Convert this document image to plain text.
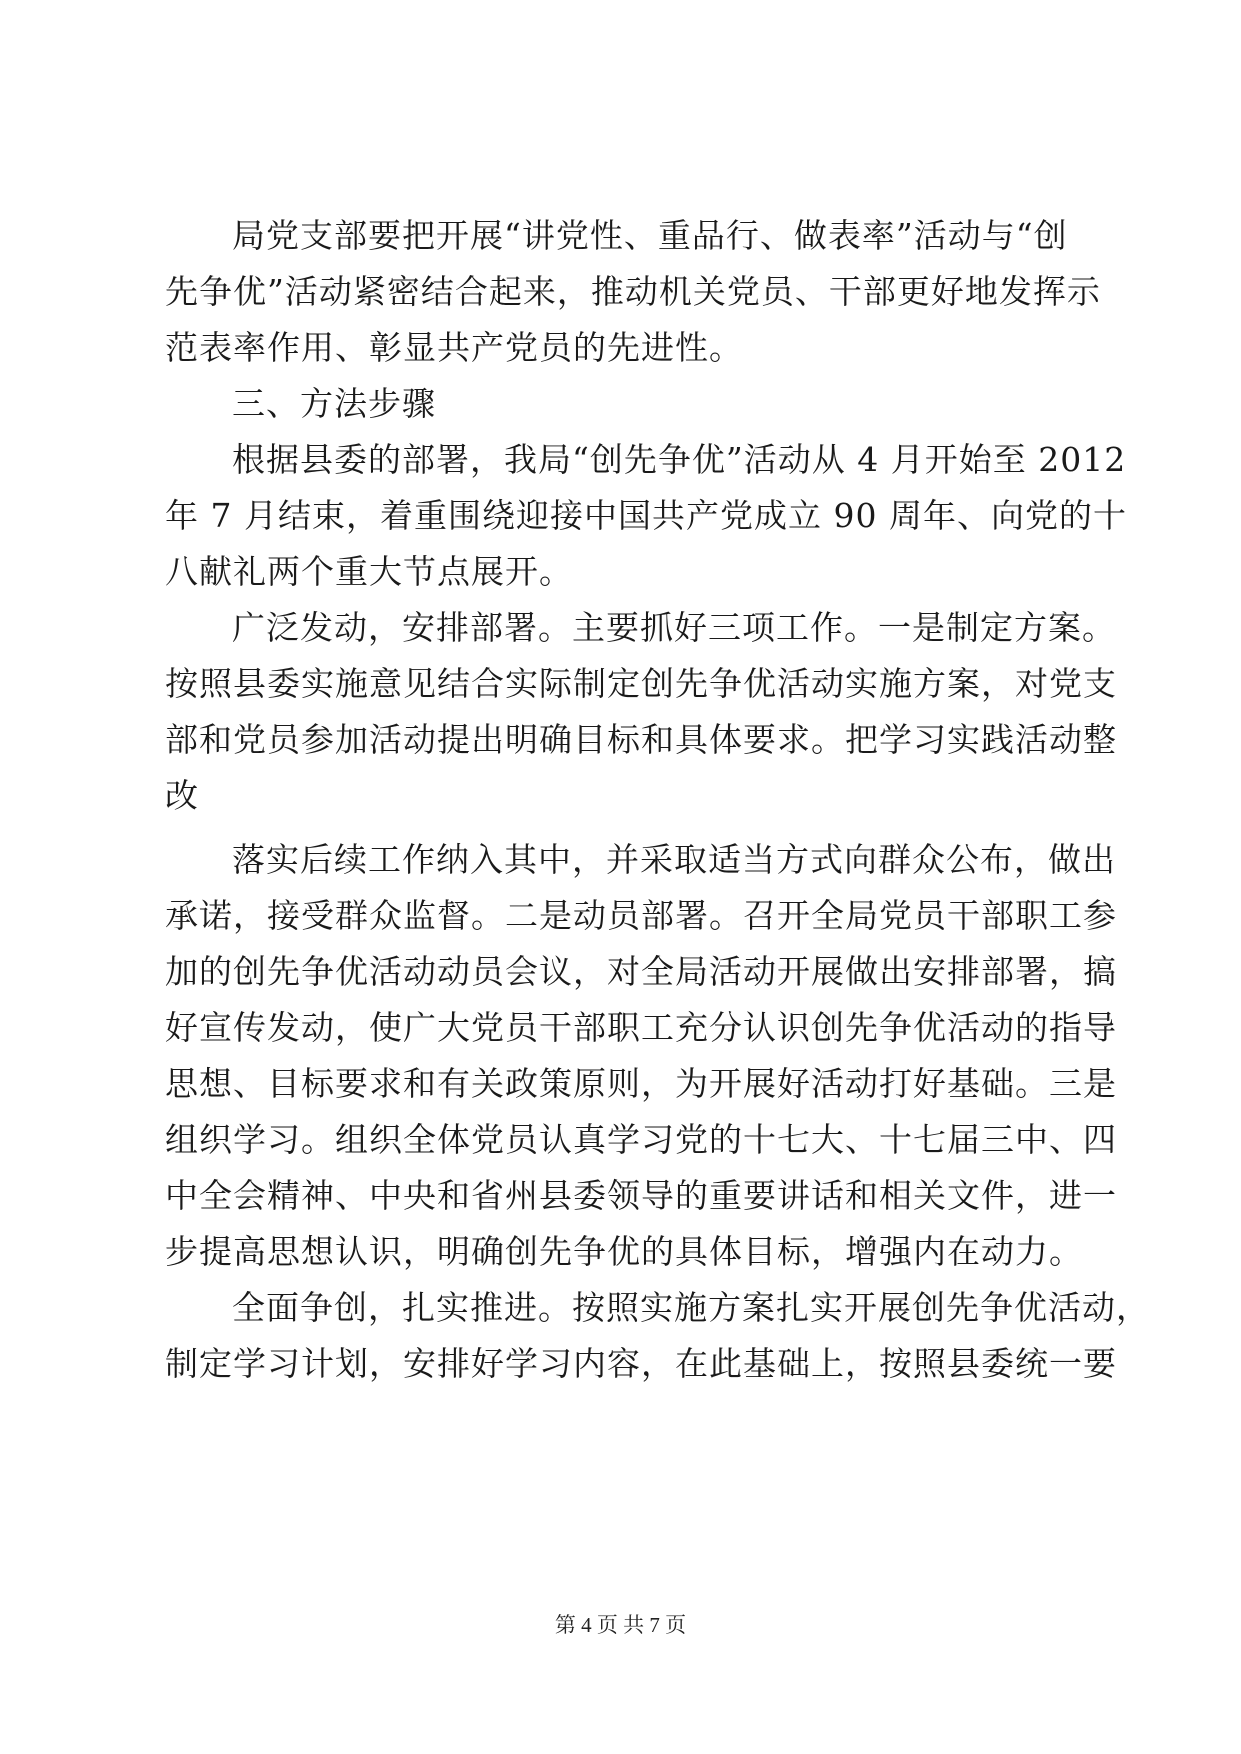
局党支部要把开展“讲党性、重品行、做表率”活动与“创
先争优”活动紧密结合起来，推动机关党员、干部更好地发挥示
范表率作用、彰显共产党员的先进性。
三、方法步骤
根据县委的部署，我局“创先争优”活动从 4 月开始至 2012
年 7 月结束，着重围绕迎接中国共产党成立 90 周年、向党的十
八献礼两个重大节点展开。
广泛发动，安排部署。主要抓好三项工作。一是制定方案。
按照县委实施意见结合实际制定创先争优活动实施方案，对党支
部和党员参加活动提出明确目标和具体要求。把学习实践活动整
改
落实后续工作纳入其中，并采取适当方式向群众公布，做出
承诺，接受群众监督。二是动员部署。召开全局党员干部职工参
加的创先争优活动动员会议，对全局活动开展做出安排部署，搞
好宣传发动，使广大党员干部职工充分认识创先争优活动的指导
思想、目标要求和有关政策原则，为开展好活动打好基础。三是
组织学习。组织全体党员认真学习党的十七大、十七届三中、四
中全会精神、中央和省州县委领导的重要讲话和相关文件，进一
步提高思想认识，明确创先争优的具体目标，增强内在动力。
全面争创，扎实推进。按照实施方案扎实开展创先争优活动，
制定学习计划，安排好学习内容，在此基础上，按照县委统一要
第 4 页 共 7 页
